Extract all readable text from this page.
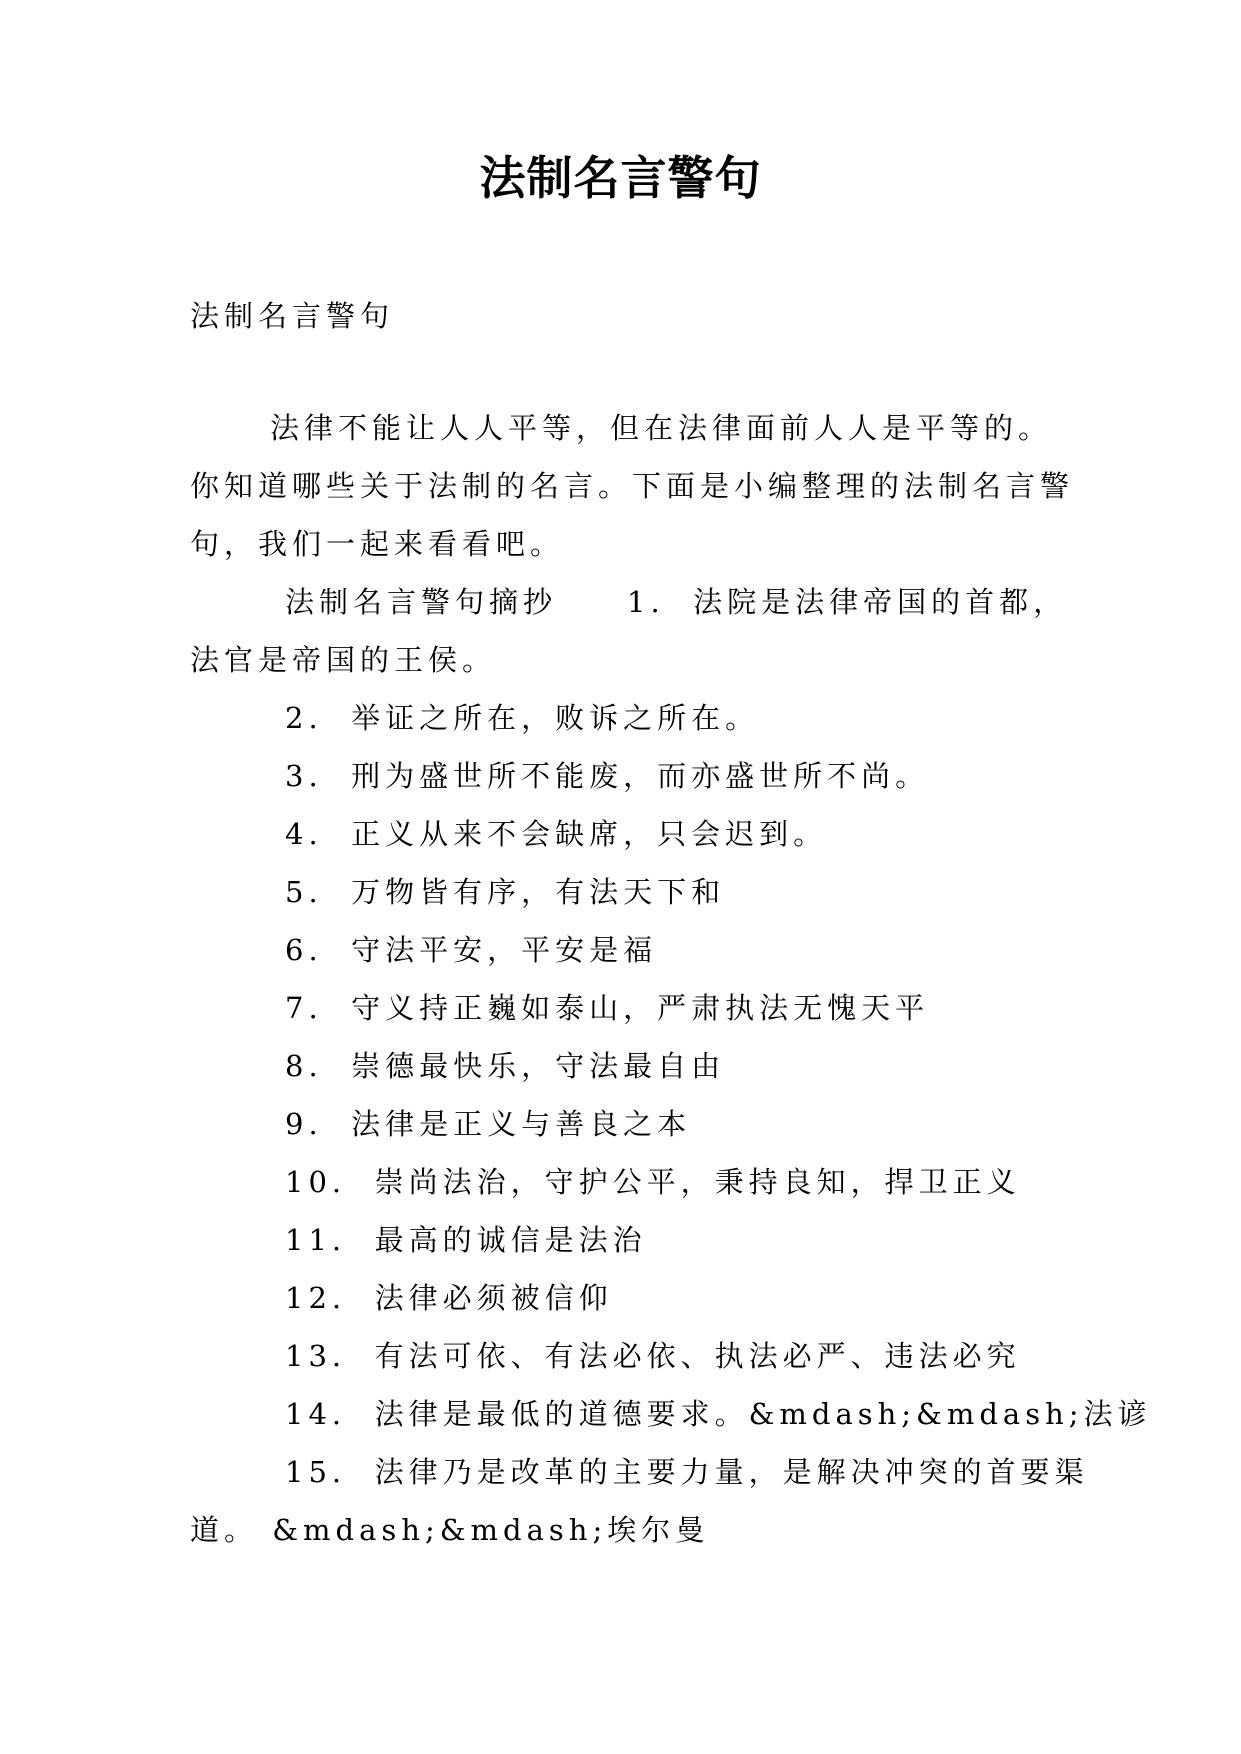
法制名言警句
法制名言警句
法律不能让人人平等，但在法律面前人人是平等的。
你知道哪些关于法制的名言。下面是小编整理的法制名言警
句，我们一起来看看吧。
法制名言警句摘抄 1. 法院是法律帝国的首都，
法官是帝国的王侯。
2. 举证之所在，败诉之所在。
3. 刑为盛世所不能废，而亦盛世所不尚。
4. 正义从来不会缺席，只会迟到。
5. 万物皆有序，有法天下和
6. 守法平安，平安是福
7. 守义持正巍如泰山，严肃执法无愧天平
8. 崇德最快乐，守法最自由
9. 法律是正义与善良之本
10. 崇尚法治，守护公平，秉持良知，捍卫正义
11. 最高的诚信是法治
12. 法律必须被信仰
13. 有法可依、有法必依、执法必严、违法必究
14. 法律是最低的道德要求。&mdash;&mdash;法谚
15. 法律乃是改革的主要力量，是解决冲突的首要渠
道。 &mdash;&mdash;埃尔曼
